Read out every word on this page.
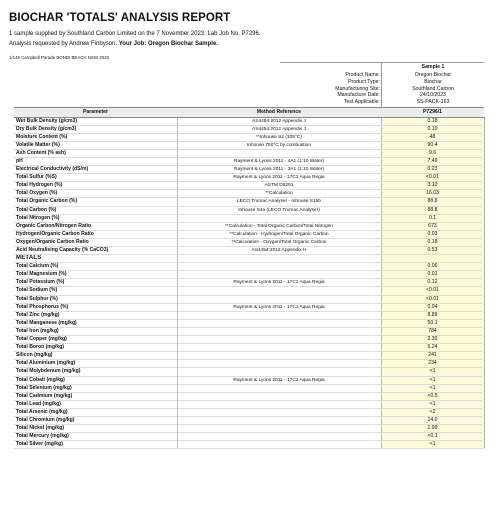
BIOCHAR 'TOTALS' ANALYSIS REPORT
1 sample supplied by Southland Carbon Limited on the 7 November 2023. Lab Job No. P7296.
Analysis requested by Andrew Finbyson. Your Job: Oregon Biochar Sample.
1/146 Campbell Parade BONDI BEACH NSW 2026
Sample 1
Product Name:	Oregon Biochar
Product Type:	Biochar
Manufacturing Site:	Southland Carbon
Manufacture Date:	24/10/2023
Test Applicable:	SS-PACK-163
Parameter	Method Reference	P7296/1
Wet Bulk Density (g/cm3)	AS4454:2012 Appendix J	0.18
Dry Bulk Density (g/cm3)	AS4454:2012 Appendix J	0.10
Moisture Content (%)	**Inhouse S2 (105°C)	48
Volatile Matter (%)	Inhouse 750°C by combustion	90.4
Ash Content (% ash)		9.6
pH	Rayment & Lyons 2011 - 4A1 (1:10 Water)	7.49
Electrical Conductivity (dS/m)	Rayment & Lyons 2011 - 3A1 (1:10 Water)	0.23
Total Sulfur (%S)	Rayment & Lyons 2011 - 17C1 Aqua Regia	<0.01
Total Hydrogen (%)	ASTM D5291	3.10
Total Oxygen (%)	**Calculation	16.03
Total Organic Carbon (%)	LECO Trumac Analyser - Inhouse S15b	88.8
Total Carbon (%)	Inhouse S4a (LECO Trumac Analyser)	88.8
Total Nitrogen (%)		0.1
Organic Carbon/Nitrogen Ratio	**Calculation - Total Organic Carbon/Total Nitrogen	673
Hydrogen/Organic Carbon Ratio	**Calculation - Hydrogen/Total Organic Carbon	0.03
Oxygen/Organic Carbon Ratio	**Calculation - Oxygen/Total Organic Carbon	0.18
Acid Neutralising Capacity (% CaCO3)	AS4454:2012 Appendix H	0.53
METALS		
Total Calcium (%)		0.06
Total Magnesium (%)		0.01
Total Potassium (%)	Rayment & Lyons 2011 - 17C1 Aqua Regia	0.12
Total Sodium (%)		<0.01
Total Sulphur (%)		<0.01
Total Phosphorus (%)	Rayment & Lyons 2011 - 17C1 Aqua Regia	0.04
Total Zinc (mg/kg)		8.89
Total Manganese (mg/kg)		50.1
Total Iron (mg/kg)		784
Total Copper (mg/kg)		2.30
Total Boron (mg/kg)		5.24
Silicon (mg/kg)		241
Total Aluminium (mg/kg)		234
Total Molybdenum (mg/kg)		<1
Total Cobalt (mg/kg)	Rayment & Lyons 2011 - 17C1 Aqua Regia	<1
Total Selenium (mg/kg)		<1
Total Cadmium (mg/kg)		<0.5
Total Lead (mg/kg)		<1
Total Arsenic (mg/kg)		<2
Total Chromium (mg/kg)		14.0
Total Nickel (mg/kg)		1.99
Total Mercury (mg/kg)		<0.1
Total Silver (mg/kg)		<1
